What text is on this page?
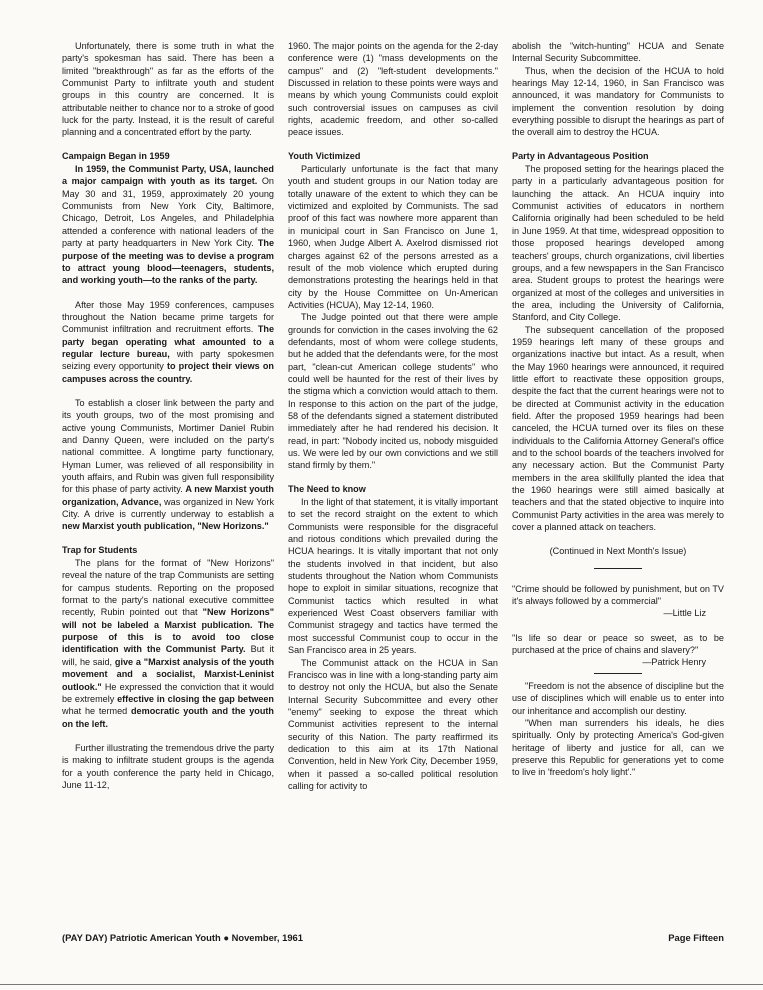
Unfortunately, there is some truth in what the party's spokesman has said. There has been a limited "breakthrough" as far as the efforts of the Communist Party to infiltrate youth and student groups in this country are concerned. It is attributable neither to chance nor to a stroke of good luck for the party. Instead, it is the result of careful planning and a concentrated effort by the party.

Campaign Began in 1959

In 1959, the Communist Party, USA, launched a major campaign with youth as its target. On May 30 and 31, 1959, approximately 20 young Communists from New York City, Baltimore, Chicago, Detroit, Los Angeles, and Philadelphia attended a conference with national leaders of the party at party headquarters in New York City. The purpose of the meeting was to devise a program to attract young blood—teenagers, students, and working youth—to the ranks of the party.

After those May 1959 conferences, campuses throughout the Nation became prime targets for Communist infiltration and recruitment efforts. The party began operating what amounted to a regular lecture bureau, with party spokesmen seizing every opportunity to project their views on campuses across the country.

To establish a closer link between the party and its youth groups, two of the most promising and active young Communists, Mortimer Daniel Rubin and Danny Queen, were included on the party's national committee. A longtime party functionary, Hyman Lumer, was relieved of all responsibility in youth affairs, and Rubin was given full responsibility for this phase of party activity. A new Marxist youth organization, Advance, was organized in New York City. A drive is currently underway to establish a new Marxist youth publication, "New Horizons."

Trap for Students

The plans for the format of "New Horizons" reveal the nature of the trap Communists are setting for campus students. Reporting on the proposed format to the party's national executive committee recently, Rubin pointed out that "New Horizons" will not be labeled a Marxist publication. The purpose of this is to avoid too close identification with the Communist Party. But it will, he said, give a "Marxist analysis of the youth movement and a socialist, Marxist-Leninist outlook." He expressed the conviction that it would be extremely effective in closing the gap between what he termed democratic youth and the youth on the left.

Further illustrating the tremendous drive the party is making to infiltrate student groups is the agenda for a youth conference the party held in Chicago, June 11-12,

1960. The major points on the agenda for the 2-day conference were (1) "mass developments on the campus" and (2) "left-student developments." Discussed in relation to these points were ways and means by which young Communists could exploit such controversial issues on campuses as civil rights, academic freedom, and other so-called peace issues.

Youth Victimized

Particularly unfortunate is the fact that many youth and student groups in our Nation today are totally unaware of the extent to which they can be victimized and exploited by Communists. The sad proof of this fact was nowhere more apparent than in municipal court in San Francisco on June 1, 1960, when Judge Albert A. Axelrod dismissed riot charges against 62 of the persons arrested as a result of the mob violence which erupted during demonstrations protesting the hearings held in that city by the House Committee on Un-American Activities (HCUA), May 12-14, 1960.

The Judge pointed out that there were ample grounds for conviction in the cases involving the 62 defendants, most of whom were college students, but he added that the defendants were, for the most part, "clean-cut American college students" who could well be haunted for the rest of their lives by the stigma which a conviction would attach to them. In response to this action on the part of the judge, 58 of the defendants signed a statement distributed immediately after he had rendered his decision. It read, in part: "Nobody incited us, nobody misguided us. We were led by our own convictions and we still stand firmly by them."

The Need to know

In the light of that statement, it is vitally important to set the record straight on the extent to which Communists were responsible for the disgraceful and riotous conditions which prevailed during the HCUA hearings. It is vitally important that not only the students involved in that incident, but also students throughout the Nation whom Communists hope to exploit in similar situations, recognize that Communist tactics which resulted in what experienced West Coast observers familiar with Communist stragegy and tactics have termed the most successful Communist coup to occur in the San Francisco area in 25 years.

The Communist attack on the HCUA in San Francisco was in line with a long-standing party aim to destroy not only the HCUA, but also the Senate Internal Security Subcommittee and every other "enemy" seeking to expose the threat which Communist activities represent to the internal security of this Nation. The party reaffirmed its dedication to this aim at its 17th National Convention, held in New York City, December 1959, when it passed a so-called political resolution calling for activity to

abolish the "witch-hunting" HCUA and Senate Internal Security Subcommittee.

Thus, when the decision of the HCUA to hold hearings May 12-14, 1960, in San Francisco was announced, it was mandatory for Communists to implement the convention resolution by doing everything possible to disrupt the hearings as part of the overall aim to destroy the HCUA.

Party in Advantageous Position

The proposed setting for the hearings placed the party in a particularly advantageous position for launching the attack. An HCUA inquiry into Communist activities of educators in northern California originally had been scheduled to be held in June 1959. At that time, widespread opposition to those proposed hearings developed among teachers' groups, church organizations, civil liberties groups, and a few newspapers in the San Francisco area. Student groups to protest the hearings were organized at most of the colleges and universities in the area, including the University of California, Stanford, and City College.

The subsequent cancellation of the proposed 1959 hearings left many of these groups and organizations inactive but intact. As a result, when the May 1960 hearings were announced, it required little effort to reactivate these opposition groups, despite the fact that the current hearings were not to be directed at Communist activity in the education field. After the proposed 1959 hearings had been canceled, the HCUA turned over its files on these individuals to the California Attorney General's office and to the school boards of the teachers involved for any necessary action. But the Communist Party members in the area skillfully planted the idea that the 1960 hearings were still aimed basically at teachers and that the stated objective to inquire into Communist Party activities in the area was merely to cover a planned attack on teachers.

(Continued in Next Month's Issue)

"Crime should be followed by punishment, but on TV it's always followed by a commercial"

—Little Liz

"Is life so dear or peace so sweet, as to be purchased at the price of chains and slavery?"

—Patrick Henry

"Freedom is not the absence of discipline but the use of disciplines which will enable us to enter into our inheritance and accomplish our destiny.

"When man surrenders his ideals, he dies spiritually. Only by protecting America's God-given heritage of liberty and justice for all, can we preserve this Republic for generations yet to come to live in 'freedom's holy light'."

(PAY DAY) Patriotic American Youth ● November, 1961	Page Fifteen
